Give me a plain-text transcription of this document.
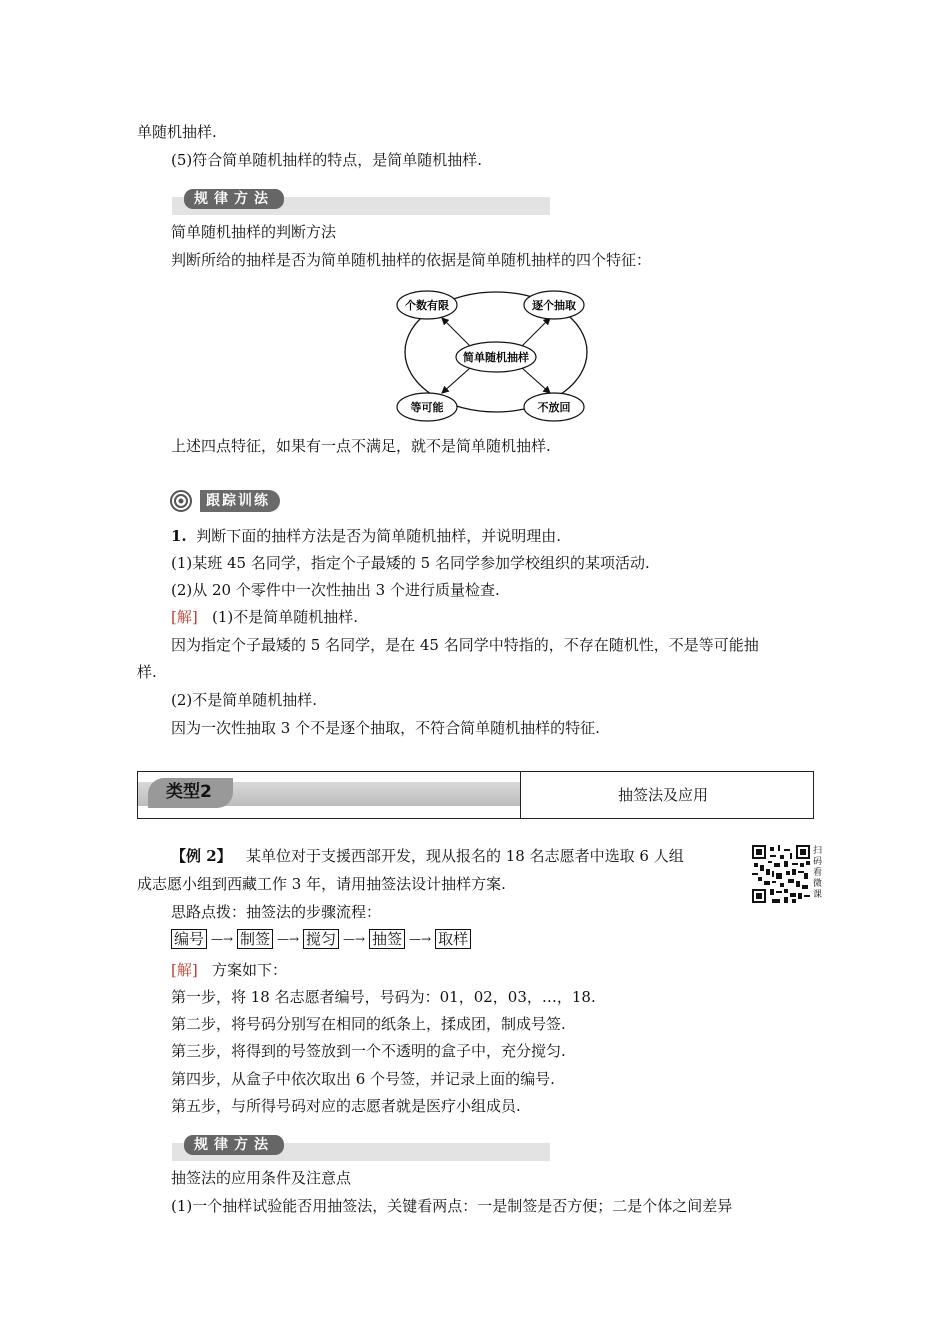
单随机抽样.
(5)符合简单随机抽样的特点，是简单随机抽样.
规律方法
简单随机抽样的判断方法
判断所给的抽样是否为简单随机抽样的依据是简单随机抽样的四个特征：
个数有限	逐个抽取
简单随机抽样
等可能	不放回
上述四点特征，如果有一点不满足，就不是简单随机抽样.
跟踪训练
1. 判断下面的抽样方法是否为简单随机抽样，并说明理由.
(1)某班 45 名同学，指定个子最矮的 5 名同学参加学校组织的某项活动.
(2)从 20 个零件中一次性抽出 3 个进行质量检查.
[解] (1)不是简单随机抽样.
因为指定个子最矮的 5 名同学，是在 45 名同学中特指的，不存在随机性，不是等可能抽
样.
(2)不是简单随机抽样.
因为一次性抽取 3 个不是逐个抽取，不符合简单随机抽样的特征.
类型2	抽签法及应用
【例 2】 某单位对于支援西部开发，现从报名的 18 名志愿者中选取 6 人组
成志愿小组到西藏工作 3 年，请用抽签法设计抽样方案.
扫码看微课
思路点拨：抽签法的步骤流程：
编号 —→ 制签 —→ 搅匀 —→ 抽签 —→ 取样
[解] 方案如下：
第一步，将 18 名志愿者编号，号码为：01，02，03，…，18.
第二步，将号码分别写在相同的纸条上，揉成团，制成号签.
第三步，将得到的号签放到一个不透明的盒子中，充分搅匀.
第四步，从盒子中依次取出 6 个号签，并记录上面的编号.
第五步，与所得号码对应的志愿者就是医疗小组成员.
规律方法
抽签法的应用条件及注意点
(1)一个抽样试验能否用抽签法，关键看两点：一是制签是否方便；二是个体之间差异
